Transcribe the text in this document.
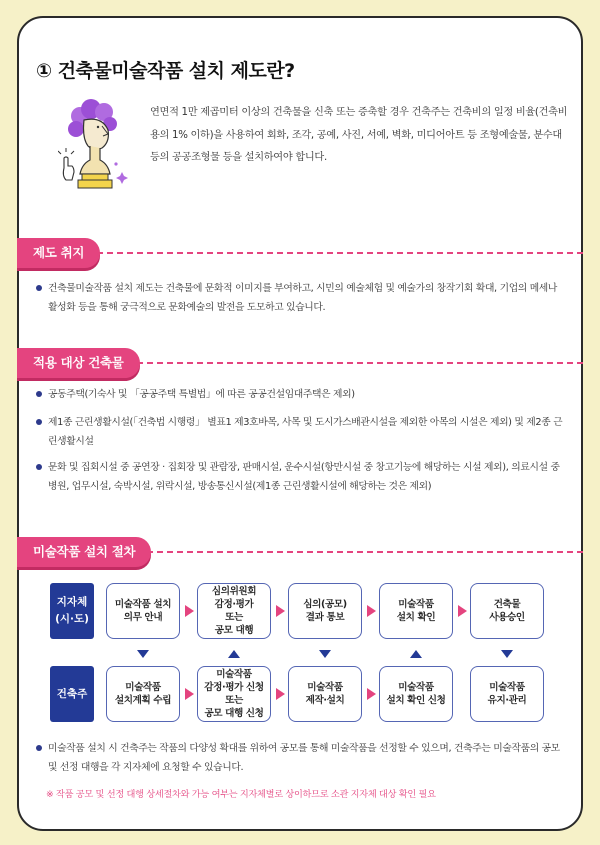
① 건축물미술작품 설치 제도란?

연면적 1만 제곱미터 이상의 건축물을 신축 또는 증축할 경우 건축주는 건축비의 일정 비율(건축비용의 1% 이하)을 사용하여 회화, 조각, 공예, 사진, 서예, 벽화, 미디어아트 등 조형예술물, 분수대 등의 공공조형물 등을 설치하여야 합니다.

제도 취지
건축물미술작품 설치 제도는 건축물에 문화적 이미지를 부여하고, 시민의 예술체험 및 예술가의 창작기회 확대, 기업의 메세나 활성화 등을 통해 궁극적으로 문화예술의 발전을 도모하고 있습니다.
적용 대상 건축물
공동주택(기숙사 및 「공공주택 특별법」에 따른 공공건설임대주택은 제외)
제1종 근린생활시설(「건축법 시행령」 별표1 제3호바목, 사목 및 도시가스배관시설을 제외한 아목의 시설은 제외) 및 제2종 근린생활시설
문화 및 집회시설 중 공연장 · 집회장 및 관람장, 판매시설, 운수시설(항만시설 중 창고기능에 해당하는 시설 제외), 의료시설 중 병원, 업무시설, 숙박시설, 위락시설, 방송통신시설(제1종 근린생활시설에 해당하는 것은 제외)
미술작품 설치 절차
지자체
(시·도)
건축주
미술작품 설치
의무 안내
심의위원회
감정·평가
또는
공모 대행
심의(공모)
결과 통보
미술작품
설치 확인
건축물
사용승인
미술작품
설치계획 수립
미술작품
감정·평가 신청
또는
공모 대행 신청
미술작품
제작·설치
미술작품
설치 확인 신청
미술작품
유지·관리
미술작품 설치 시 건축주는 작품의 다양성 확대를 위하여 공모를 통해 미술작품을 선정할 수 있으며, 건축주는 미술작품의 공모 및 선정 대행을 각 지자체에 요청할 수 있습니다.

※ 작품 공모 및 선정 대행 상세절차와 가능 여부는 지자체별로 상이하므로 소관 지자체 대상 확인 필요
